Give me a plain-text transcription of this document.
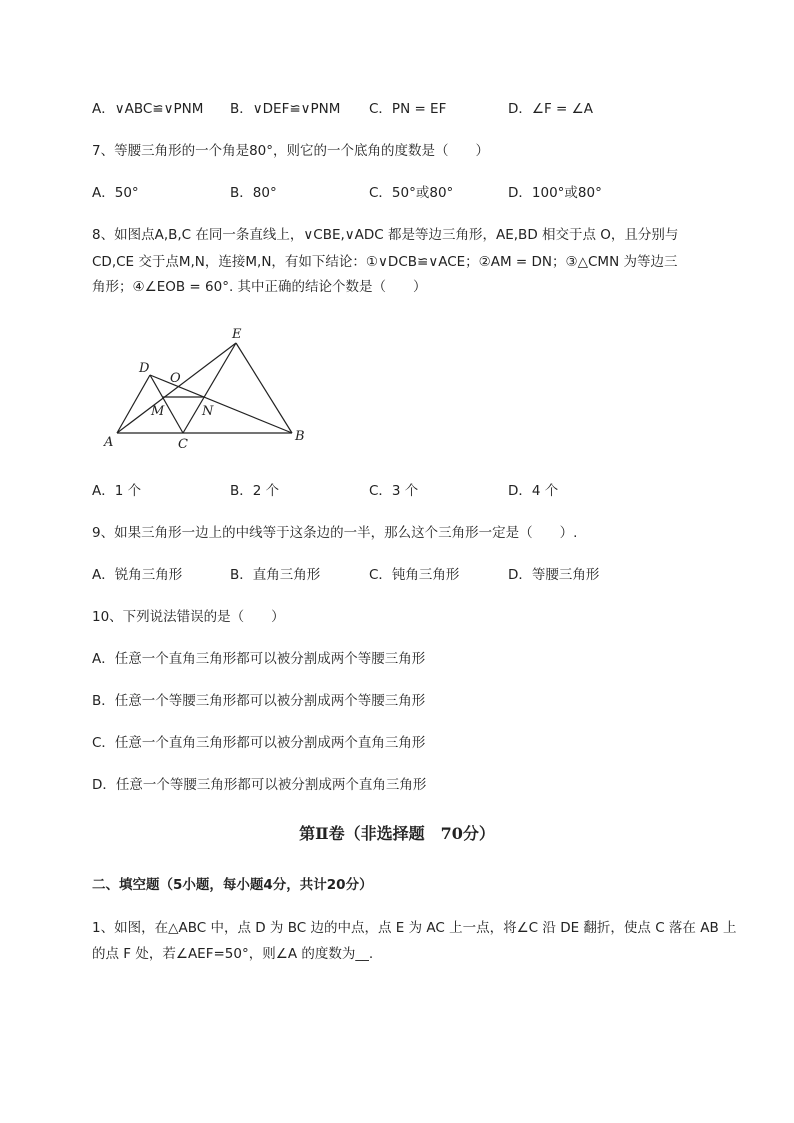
A．∨ABC≌∨PNM B．∨DEF≌∨PNM C．PN = EF	D．∠F = ∠A
7、等腰三角形的一个角是80°，则它的一个底角的度数是（　　）
A．50°	B．80°	C．50°或80°	D．100°或80°
8、如图点A,B,C 在同一条直线上，∨CBE,∨ADC 都是等边三角形，AE,BD 相交于点 O，且分别与
CD,CE 交于点M,N，连接M,N，有如下结论：①∨DCB≌∨ACE；②AM = DN；③△CMN 为等边三
角形；④∠EOB = 60°. 其中正确的结论个数是（　　）
A	B
C
D
E
O
M	N
A．1 个	B．2 个	C．3 个	D．4 个
9、如果三角形一边上的中线等于这条边的一半，那么这个三角形一定是（　　）.
A．锐角三角形	B．直角三角形	C．钝角三角形	D．等腰三角形
10、下列说法错误的是（　　）
A．任意一个直角三角形都可以被分割成两个等腰三角形
B．任意一个等腰三角形都可以被分割成两个等腰三角形
C．任意一个直角三角形都可以被分割成两个直角三角形
D．任意一个等腰三角形都可以被分割成两个直角三角形
第Ⅱ卷（非选择题　70分）
二、填空题（5小题，每小题4分，共计20分）
1、如图，在△ABC 中，点 D 为 BC 边的中点，点 E 为 AC 上一点，将∠C 沿 DE 翻折，使点 C 落在 AB 上
的点 F 处，若∠AEF=50°，则∠A 的度数为__.
